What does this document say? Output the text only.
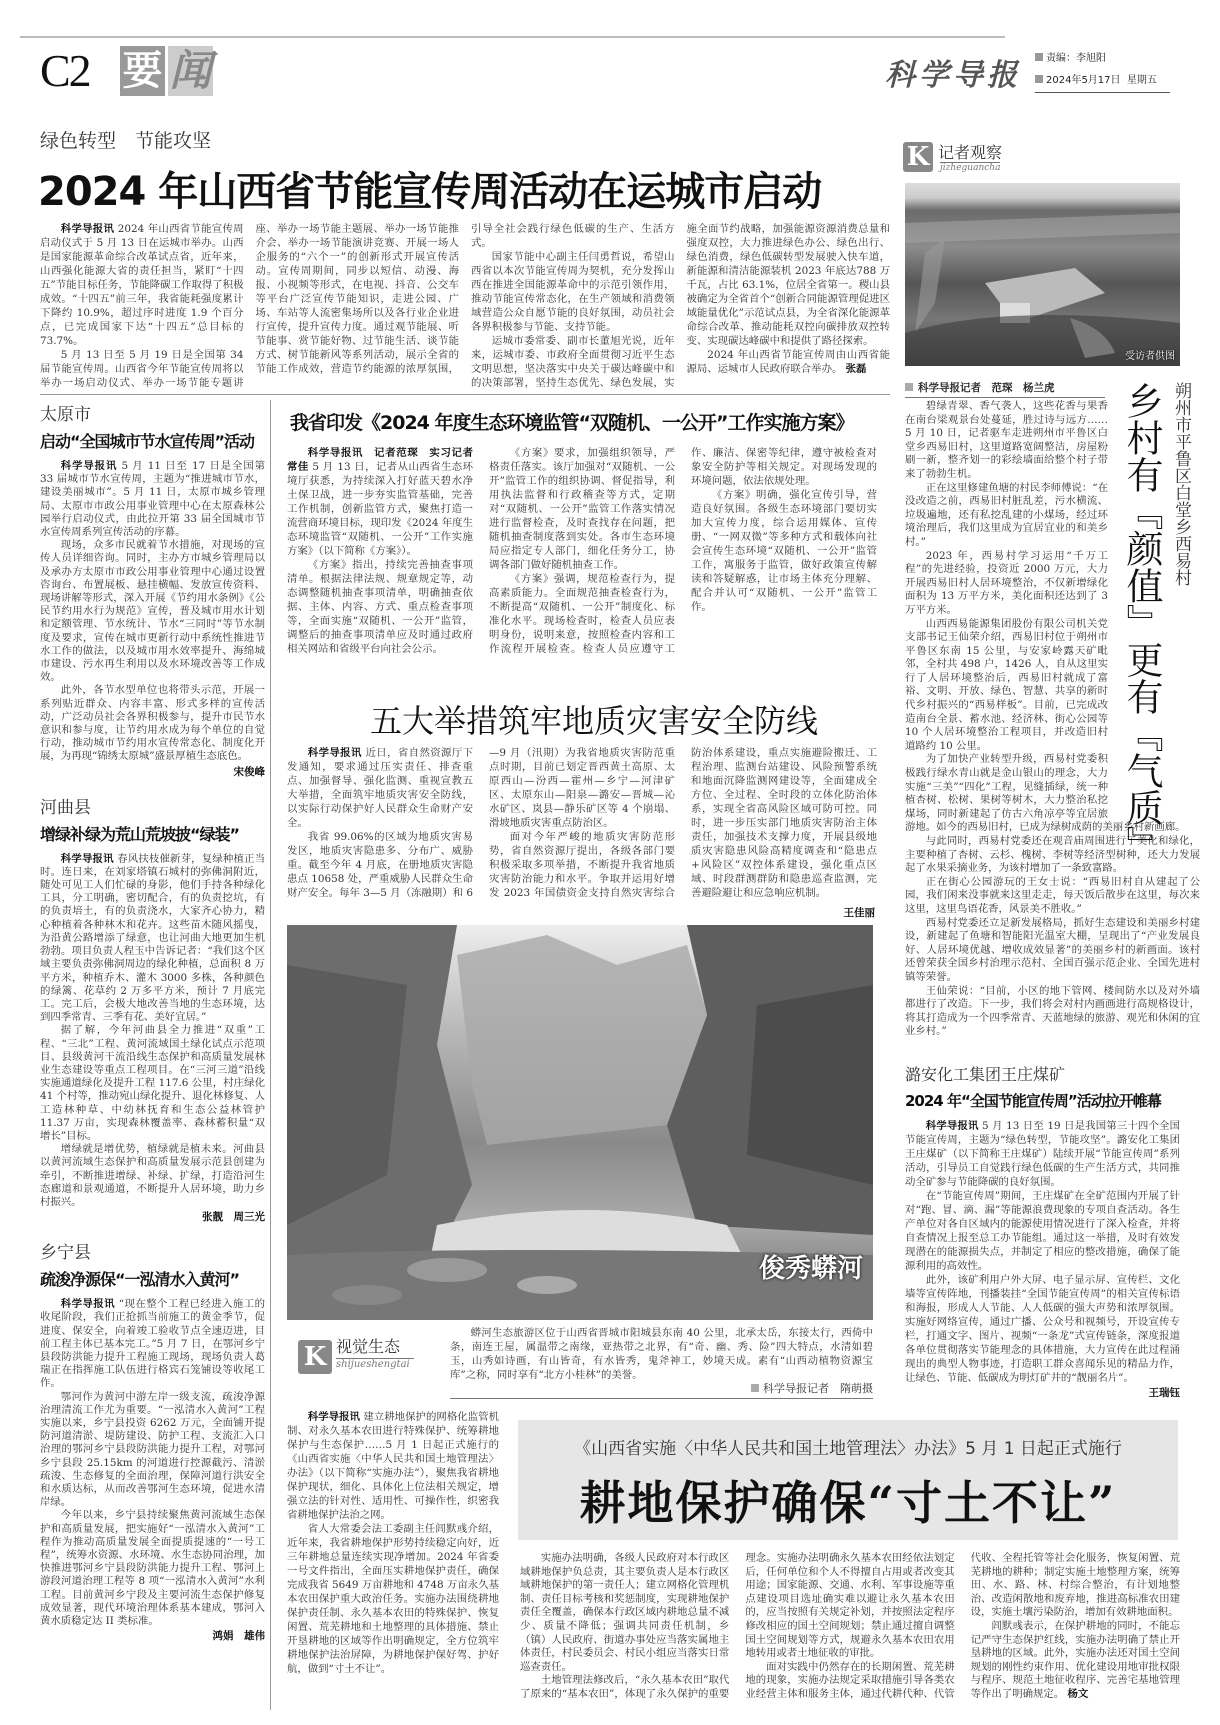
C2 要 闻	科学导报	责编：李旭阳
2024年5月17日 星期五
绿色转型　节能攻坚
2024 年山西省节能宣传周活动在运城市启动

科学导报讯 2024 年山西省节能宣传周启动仪式于 5 月 13 日在运城市举办。山西是国家能源革命综合改革试点省，近年来，山西强化能源大省的责任担当，紧盯“十四五”节能目标任务，节能降碳工作取得了积极成效。“十四五”前三年，我省能耗强度累计下降约 10.9%，超过序时进度 1.9 个百分点，已完成国家下达“十四五”总目标的73.7%。

5 月 13 日至 5 月 19 日是全国第 34 届节能宣传周。山西省今年节能宣传周将以举办一场启动仪式、举办一场节能专题讲座、举办一场节能主题展、举办一场节能推介会、举办一场节能演讲竞赛、开展一场人企服务的“六个一”的创新形式开展宣传活动。宣传周期间，同步以短信、动漫、海报、小视频等形式，在电视、抖音、公交车等平台广泛宣传节能知识，走进公园、广场、车站等人流密集场所以及各行业企业进行宣传，提升宣传力度。通过观节能展、听节能事、赏节能好物、过节能生活、谈节能方式、树节能新风等系列活动，展示全省的节能工作成效，营造节约能源的浓厚氛围，引导全社会践行绿色低碳的生产、生活方式。

国家节能中心副主任闫勇哲说，希望山西省以本次节能宣传周为契机，充分发挥山西在推进全国能源革命中的示范引领作用，推动节能宣传常态化，在生产领域和消费领域营造公众自愿节能的良好氛围，动员社会各界积极参与节能、支持节能。

运城市委常委、副市长董旭光说，近年来，运城市委、市政府全面贯彻习近平生态文明思想，坚决落实中央关于碳达峰碳中和的决策部署，坚持生态优先、绿色发展，实施全面节约战略，加强能源资源消费总量和强度双控，大力推进绿色办公、绿色出行、绿色消费，绿色低碳转型发展驶入快车道，新能源和清洁能源装机 2023 年底达788 万千瓦，占比 63.1%，位居全省第一。稷山县被确定为全省首个“创新合同能源管理促进区域能量优化”示范试点县，为全省深化能源革命综合改革、推动能耗双控向碳排放双控转变、实现碳达峰碳中和提供了路径探索。

2024 年山西省节能宣传周由山西省能源局、运城市人民政府联合举办。 张磊

K 记者观察
jizheguancha
受访者供图
科学导报记者　范琛　杨兰虎

碧绿青翠、香气袭人，这些花香与果香在南台梁观景台处蔓延，胜过诗与远方……5 月 10 日，记者驱车走进朔州市平鲁区白堂乡西易旧村，这里道路宽阔整洁，房屋粉刷一新，整齐划一的彩绘墙面给整个村子带来了勃勃生机。

正在这里修建鱼塘的村民李师傅说：“在没改造之前，西易旧村脏乱差，污水横流、垃圾遍地，还有私挖乱建的小煤场，经过环境治理后，我们这里成为宜居宜业的和美乡村。”

2023 年，西易村学习运用“千万工程”的先进经验，投资近 2000 万元，大力开展西易旧村人居环境整治，不仅新增绿化面积为 13 万平方米，美化面积还达到了 3 万平方米。

山西西易能源集团股份有限公司机关党支部书记王仙荣介绍，西易旧村位于朔州市平鲁区东南 15 公里，与安家岭露天矿毗邻，全村共 498 户，1426 人，自从这里实行了人居环境整治后，西易旧村就成了富裕、文明、开放、绿色、智慧、共享的新时代乡村振兴的“西易样板”。目前，已完成改造南台全景、蓄水池、经济林、街心公园等 10 个人居环境整治工程项目，并改造旧村道路约 10 公里。

为了加快产业转型升级，西易村党委积极践行绿水青山就是金山银山的理念，大力实施“三美”“四化”工程，见缝插绿，统一种植杏树、松树、果树等树木，大力整治私挖煤场，同时新建起了仿古六角凉亭等宜居旅游地。如今的西易旧村，已成为绿树成荫的美丽乡村新画廊。

与此同时，西易村党委还在观音庙周围进行了美化和绿化，主要种植了杏树、云杉、槐树、李树等经济型树种，还大力发展起了水果采摘业务，为该村增加了一条致富路。

正在街心公园游玩的王女士说：“西易旧村自从建起了公园，我们闲来没事就来这里走走，每天饭后散步在这里，每次来这里，这里鸟语花香，风景美不胜收。”

西易村党委还立足新发展格局，抓好生态建设和美丽乡村建设，新建起了鱼塘和智能阳光温室大棚，呈现出了“产业发展良好、人居环境优越、增收成效显著”的美丽乡村的新画面。该村还曾荣获全国乡村治理示范村、全国百强示范企业、全国先进村镇等荣誉。

王仙荣说：“目前，小区的地下管网、楼间防水以及对外墙都进行了改造。下一步，我们将会对村内画画进行高规格设计，将其打造成为一个四季常青、天蓝地绿的旅游、观光和休闲的宜业乡村。”

乡村有『颜值』更有『气质』 朔州市平鲁区白堂乡西易村
太原市
启动“全国城市节水宣传周”活动

科学导报讯 5 月 11 日至 17 日是全国第 33 届城市节水宣传周，主题为“推进城市节水，建设美丽城市”。5 月 11 日，太原市城乡管理局、太原市市政公用事业管理中心在太原森林公园举行启动仪式，由此拉开第 33 届全国城市节水宣传周系列宣传活动的序幕。

现场，众多市民就着节水措施，对现场的宣传人员详细咨询。同时，主办方市城乡管理局以及承办方太原市市政公用事业管理中心通过设置咨询台、布置展板、悬挂横幅、发放宣传资料、现场讲解等形式，深入开展《节约用水条例》《公民节约用水行为规范》宣传，普及城市用水计划和定额管理、节水统计、节水“三同时”等节水制度及要求，宣传在城市更新行动中系统性推进节水工作的做法，以及城市用水效率提升、海绵城市建设、污水再生利用以及水环境改善等工作成效。

此外，各节水型单位也将带头示范，开展一系列贴近群众、内容丰富、形式多样的宣传活动，广泛动员社会各界积极参与，提升市民节水意识和参与度，让节约用水成为每个单位的自觉行动，推动城市节约用水宣传常态化、制度化开展，为再现“锦绣太原城”盛景厚植生态底色。

宋俊峰
河曲县
增绿补绿为荒山荒坡披“绿装”

科学导报讯 春风扶枝催新芽，复绿种植正当时。连日来，在刘家塔镇石城村的弥佛洞附近，随处可见工人们忙碌的身影，他们手持各种绿化工具，分工明确，密切配合，有的负责挖坑，有的负责培土，有的负责浇水，大家齐心协力，精心种植着各种林木和花卉。这些苗木随风摇曳，为沿黄公路增添了绿意，也让河曲大地更加生机勃勃。项目负责人程玉中告诉记者：“我们这个区域主要负责弥佛洞周边的绿化种植，总面积 8 万平方米，种植乔木、灌木 3000 多株，各种颜色的绿篱、花草约 2 万多平方米，预计 7 月底完工。完工后，会极大地改善当地的生态环境，达到四季常青、三季有花、美好宜居。”

据了解，今年河曲县全力推进“双重”工程、“三北”工程、黄河流域国土绿化试点示范项目、县级黄河干流沿线生态保护和高质量发展林业生态建设等重点工程项目。在“三河三道”沿线实施通道绿化及提升工程 117.6 公里，村庄绿化 41 个村等，推动宛山绿化提升、退化林修复、人工造林种草、中幼林抚育和生态公益林管护 11.37 万亩，实现森林覆盖率、森林蓄积量“双增长”目标。

增绿就是增优势，植绿就是植未来。河曲县以黄河流域生态保护和高质量发展示范县创建为牵引，不断推进增绿、补绿、扩绿，打造沿河生态廊道和景观通道，不断提升人居环境，助力乡村振兴。

张靓　周三光
乡宁县
疏浚净源保“一泓清水入黄河”

科学导报讯 “现在整个工程已经进入施工的收尾阶段，我们正抢抓当前施工的黄金季节，促进度、保安全，向着竣工验收节点全速迈进，目前工程主体已基本完工。”5 月 7 日，在鄂河乡宁县段防洪能力提升工程施工现场，现场负责人葛瑞正在指挥施工队伍进行格宾石笼铺设等收尾工作。

鄂河作为黄河中游左岸一级支流，疏浚净源治理清流工作尤为重要。“一泓清水入黄河”工程实施以来，乡宁县投资 6262 万元，全面铺开提防河道清淤、堤防建设、防护工程、支流汇入口治理的鄂河乡宁县段防洪能力提升工程，对鄂河乡宁县段 25.15km 的河道进行控源截污、清淤疏浚、生态修复的全面治理，保障河道行洪安全和水质达标，从而改善鄂河生态环境，促进水清岸绿。

今年以来，乡宁县持续聚焦黄河流域生态保护和高质量发展，把实施好“一泓清水入黄河”工程作为推动高质量发展全面提质提速的“一号工程”，统筹水资源、水环境、水生态协同治理，加快推进鄂河乡宁县段防洪能力提升工程、鄂河上游段河道治理工程等 8 项“一泓清水入黄河”水利工程。目前黄河乡宁段及主要河流生态保护修复成效显著，现代环境治理体系基本建成，鄂河入黄水质稳定达 II 类标准。

鸿娟　雄伟
我省印发《2024 年度生态环境监管“双随机、一公开”工作实施方案》

科学导报讯　记者范琛　实习记者常佳 5 月 13 日，记者从山西省生态环境厅获悉，为持续深入打好蓝天碧水净土保卫战，进一步夯实监管基础，完善工作机制，创新监管方式，聚焦打造一流营商环境目标，现印发《2024 年度生态环境监管“双随机、一公开”工作实施方案》（以下简称《方案》）。

《方案》指出，持续完善抽查事项清单。根据法律法规、规章规定等，动态调整随机抽查事项清单，明确抽查依据、主体、内容、方式、重点检查事项等，全面实施“双随机、一公开”监管，调整后的抽查事项清单应及时通过政府相关网站和省级平台向社会公示。

《方案》要求，加强组织领导，严格责任落实。该厅加强对“双随机、一公开”监管工作的组织协调、督促指导，利用执法监督和行政稽查等方式，定期对“双随机、一公开”监管工作落实情况进行监督检查，及时查找存在问题，把随机抽查制度落到实处。各市生态环境局应指定专人部门，细化任务分工，协调各部门做好随机抽查工作。

《方案》强调，规范检查行为，提高素质能力。全面规范抽查检查行为，不断提高“双随机、一公开”制度化、标准化水平。现场检查时，检查人员应表明身份，说明来意，按照检查内容和工作流程开展检查。检查人员应遵守工作、廉洁、保密等纪律，遵守被检查对象安全防护等相关规定。对现场发现的环境问题，依法依规处理。

《方案》明确，强化宣传引导，营造良好氛围。各级生态环境部门要切实加大宣传力度，综合运用媒体、宣传册、“一网双微”等多种方式和载体向社会宣传生态环境“双随机、一公开”监管工作，寓服务于监管，做好政策宣传解读和答疑解惑，让市场主体充分理解、配合并认可“双随机、一公开”监管工作。

五大举措筑牢地质灾害安全防线

科学导报讯 近日，省自然资源厅下发通知，要求通过压实责任、排查重点、加强督导、强化监测、重视宣教五大举措，全面筑牢地质灾害安全防线，以实际行动保护好人民群众生命财产安全。

我省 99.06%的区域为地质灾害易发区，地质灾害隐患多、分布广、威胁重。截至今年 4 月底，在册地质灾害隐患点 10658 处，严重威胁人民群众生命财产安全。每年 3—5 月（冻融期）和 6—9 月（汛期）为我省地质灾害防范重点时期，目前已划定晋西黄土高原、太原西山—汾西—霍州—乡宁—河津矿区、太原东山—阳泉—潞安—晋城—沁水矿区、岚县—静乐矿区等 4 个崩塌、滑坡地质灾害重点防治区。

面对今年严峻的地质灾害防范形势，省自然资源厅提出，各级各部门要积极采取多项举措，不断提升我省地质灾害防治能力和水平。争取并运用好增发 2023 年国债资金支持自然灾害综合防治体系建设，重点实施避险搬迁、工程治理、监测台站建设、风险预警系统和地面沉降监测网建设等，全面建成全方位、全过程、全时段的立体化防治体系，实现全省高风险区域可防可控。同时，进一步压实部门地质灾害防治主体责任，加强技术支撑力度，开展县级地质灾害隐患风险高精度调查和“隐患点+风险区”双控体系建设，强化重点区域、时段群测群防和隐患巡查监测，完善避险避让和应急响应机制。

王佳丽
俊秀蟒河
K 视觉生态
shijueshengtai

蟒河生态旅游区位于山西省晋城市阳城县东南 40 公里，北承太岳，东接太行，西倚中条，南连王屋，属温带之南缘，亚热带之北界，有“奇、幽、秀、险”四大特点，水清如碧玉，山秀如诗画，有山皆奇，有水皆秀，鬼斧神工，妙境天成。素有“山西动植物资源宝库”之称，同时享有“北方小桂林”的美誉。

科学导报记者　隋萌摄
潞安化工集团王庄煤矿
2024 年“全国节能宣传周”活动拉开帷幕

科学导报讯 5 月 13 日至 19 日是我国第三十四个全国节能宣传周，主题为“绿色转型，节能攻坚”。潞安化工集团王庄煤矿（以下简称王庄煤矿）陆续开展“节能宣传周”系列活动，引导员工自觉践行绿色低碳的生产生活方式，共同推动全矿参与节能降碳的良好氛围。

在“节能宣传周”期间，王庄煤矿在全矿范围内开展了针对“跑、冒、滴、漏”等能源浪费现象的专项自查活动。各生产单位对各自区域内的能源使用情况进行了深入检查，并将自查情况上报至总工办节能组。通过这一举措，及时有效发现潜在的能源损失点，并制定了相应的整改措施，确保了能源利用的高效性。

此外，该矿利用户外大屏、电子显示屏、宣传栏、文化墙等宣传阵地，刊播装挂“全国节能宣传周”的相关宣传标语和海报，形成人人节能、人人低碳的强大声势和浓厚氛围。实施好网络宣传，通过广播、公众号和视频号，开设宣传专栏，打通文字、图片、视频“一条龙”式宣传链条，深度报道各单位贯彻落实节能理念的具体措施，大力宣传在此过程涌现出的典型人物事迹，打造职工群众喜闻乐见的精品力作，让绿色、节能、低碳成为明灯矿井的“靓丽名片”。

王瑞钰

科学导报讯 建立耕地保护的网格化监管机制、对永久基本农田进行特殊保护、统筹耕地保护与生态保护……5 月 1 日起正式施行的《山西省实施〈中华人民共和国土地管理法〉办法》（以下简称“实施办法”），聚焦我省耕地保护现状，细化、具体化上位法相关规定，增强立法的针对性、适用性、可操作性，织密我省耕地保护法治之网。

省人大常委会法工委副主任闾默彧介绍，近年来，我省耕地保护形势持续稳定向好，近三年耕地总量连续实现净增加。2024 年省委一号文件指出，全面压实耕地保护责任，确保完成我省 5649 万亩耕地和 4748 万亩永久基本农田保护重大政治任务。实施办法围绕耕地保护责任制、永久基本农田的特殊保护、恢复闲置、荒芜耕地和土地整理的具体措施、禁止开垦耕地的区域等作出明确规定，全方位筑牢耕地保护法治屏障，为耕地保护保好驾、护好航，做到“寸土不让”。

《山西省实施〈中华人民共和国土地管理法〉办法》5 月 1 日起正式施行
耕地保护确保“寸土不让”

实施办法明确，各级人民政府对本行政区域耕地保护负总责，其主要负责人是本行政区域耕地保护的第一责任人；建立网格化管理机制、责任目标考核和奖惩制度，实现耕地保护责任全覆盖，确保本行政区域内耕地总量不减少、质量不降低；强调共同责任机制，乡（镇）人民政府、街道办事处应当落实属地主体责任，村民委员会、村民小组应当落实日常巡查责任。

土地管理法修改后，“永久基本农田”取代了原来的“基本农田”，体现了永久保护的重要理念。实施办法明确永久基本农田经依法划定后，任何单位和个人不得擅自占用或者改变其用途；国家能源、交通、水利、军事设施等重点建设项目选址确实难以避让永久基本农田的，应当按照有关规定补划，并按照法定程序修改相应的国土空间规划；禁止通过擅自调整国土空间规划等方式，规避永久基本农田农用地转用或者土地征收的审批。

面对实践中仍然存在的长期闲置、荒芜耕地的现象，实施办法规定采取措施引导各类农业经营主体和服务主体，通过代耕代种、代管代收、全程托管等社会化服务，恢复闲置、荒芜耕地的耕种；制定实施土地整理方案，统筹田、水、路、林、村综合整治，有计划地整治、改造闲散地和废弃地，推进高标准农田建设，实施土壤污染防治，增加有效耕地面积。

闾默彧表示，在保护耕地的同时，不能忘记严守生态保护红线，实施办法明确了禁止开垦耕地的区域。此外，实施办法还对国土空间规划的刚性约束作用、优化建设用地审批权限与程序、规范土地征收程序、完善宅基地管理等作出了明确规定。 杨文
